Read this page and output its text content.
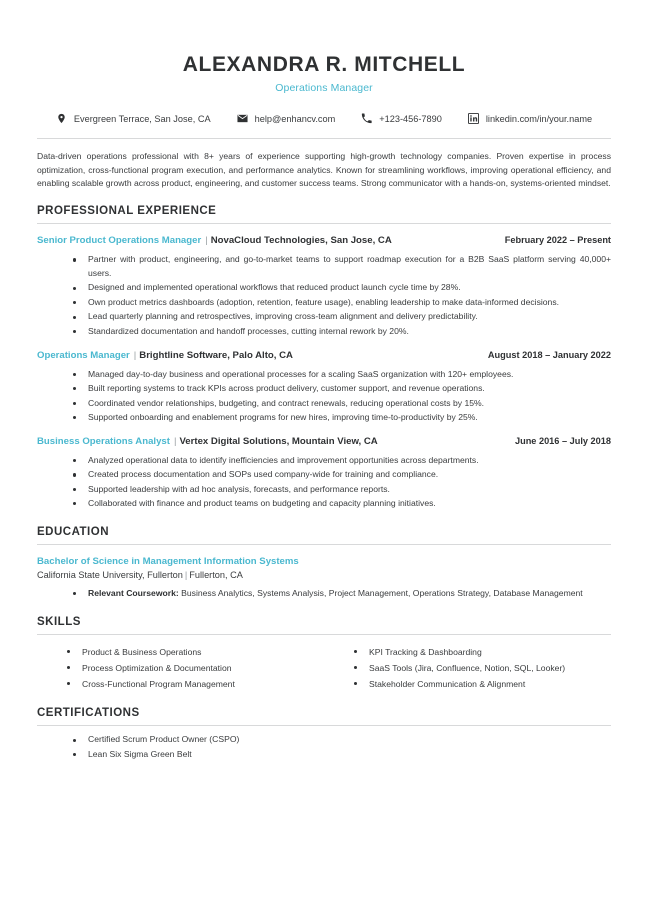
ALEXANDRA R. MITCHELL
Operations Manager
Evergreen Terrace, San Jose, CA	help@enhancv.com	+123-456-7890	linkedin.com/in/your.name
Data-driven operations professional with 8+ years of experience supporting high-growth technology companies. Proven expertise in process optimization, cross-functional program execution, and performance analytics. Known for streamlining workflows, improving operational efficiency, and enabling scalable growth across product, engineering, and customer success teams. Strong communicator with a hands-on, systems-oriented mindset.
PROFESSIONAL EXPERIENCE
Senior Product Operations Manager | NovaCloud Technologies, San Jose, CA	February 2022 – Present
Partner with product, engineering, and go-to-market teams to support roadmap execution for a B2B SaaS platform serving 40,000+ users.
Designed and implemented operational workflows that reduced product launch cycle time by 28%.
Own product metrics dashboards (adoption, retention, feature usage), enabling leadership to make data-informed decisions.
Lead quarterly planning and retrospectives, improving cross-team alignment and delivery predictability.
Standardized documentation and handoff processes, cutting internal rework by 20%.
Operations Manager | Brightline Software, Palo Alto, CA	August 2018 – January 2022
Managed day-to-day business and operational processes for a scaling SaaS organization with 120+ employees.
Built reporting systems to track KPIs across product delivery, customer support, and revenue operations.
Coordinated vendor relationships, budgeting, and contract renewals, reducing operational costs by 15%.
Supported onboarding and enablement programs for new hires, improving time-to-productivity by 25%.
Business Operations Analyst | Vertex Digital Solutions, Mountain View, CA	June 2016 – July 2018
Analyzed operational data to identify inefficiencies and improvement opportunities across departments.
Created process documentation and SOPs used company-wide for training and compliance.
Supported leadership with ad hoc analysis, forecasts, and performance reports.
Collaborated with finance and product teams on budgeting and capacity planning initiatives.
EDUCATION
Bachelor of Science in Management Information Systems
California State University, Fullerton | Fullerton, CA
Relevant Coursework: Business Analytics, Systems Analysis, Project Management, Operations Strategy, Database Management
SKILLS
Product & Business Operations
Process Optimization & Documentation
Cross-Functional Program Management
KPI Tracking & Dashboarding
SaaS Tools (Jira, Confluence, Notion, SQL, Looker)
Stakeholder Communication & Alignment
CERTIFICATIONS
Certified Scrum Product Owner (CSPO)
Lean Six Sigma Green Belt
